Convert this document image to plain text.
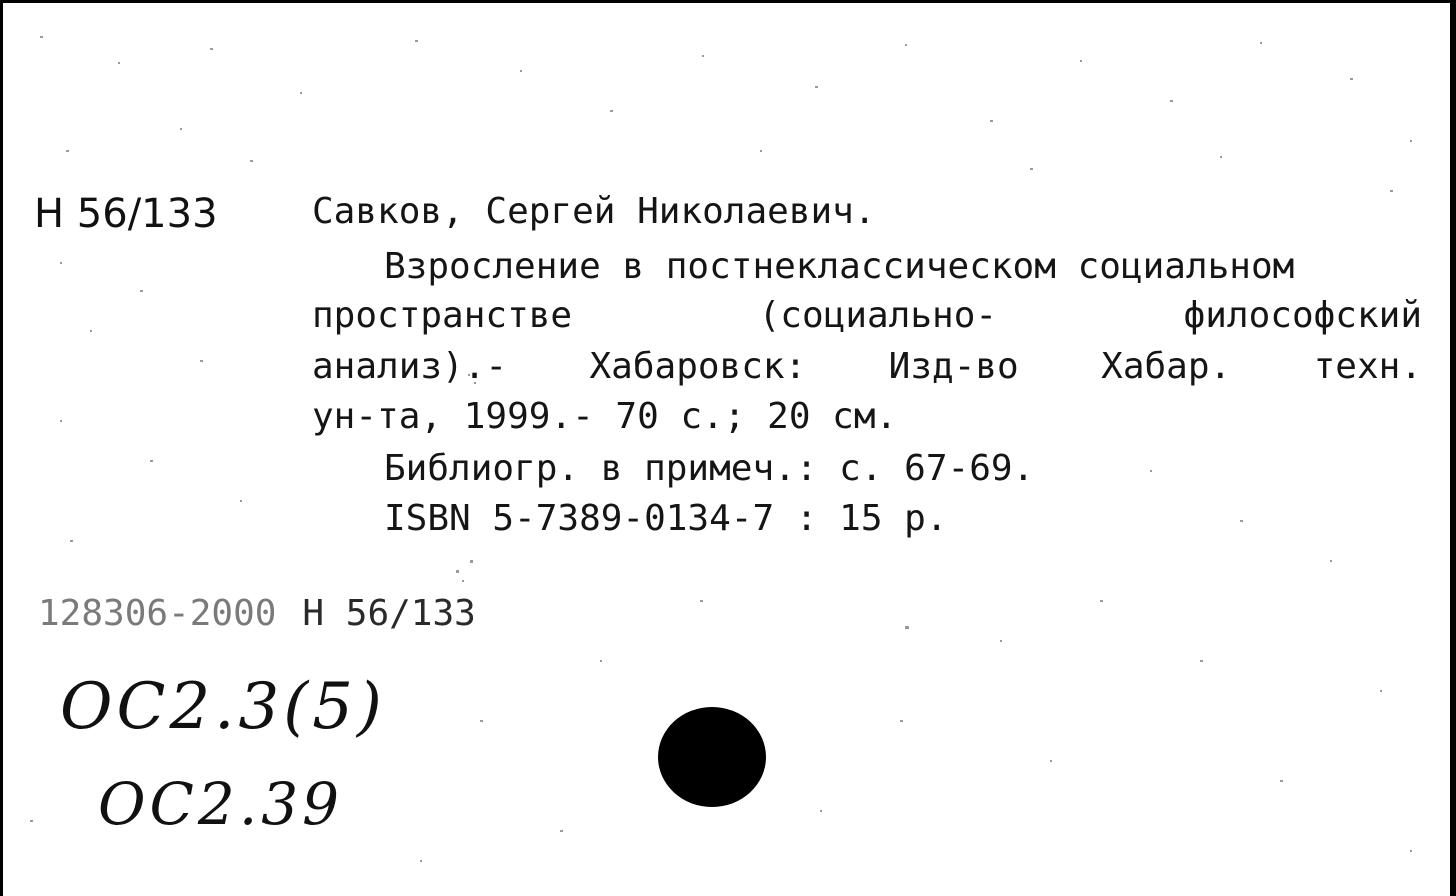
Н 56/133	Савков, Сергей Николаевич.
Взросление в постнеклассическом социальном
пространстве (социально- философский
анализ).- Хабаровск: Изд-во Хабар. техн.
ун-та, 1999.- 70 с.; 20 см.
Библиогр. в примеч.: с. 67-69.
ISBN 5-7389-0134-7 : 15 р.
128306-2000 Н 56/133
ОС2.3(5)
ОС2.39
